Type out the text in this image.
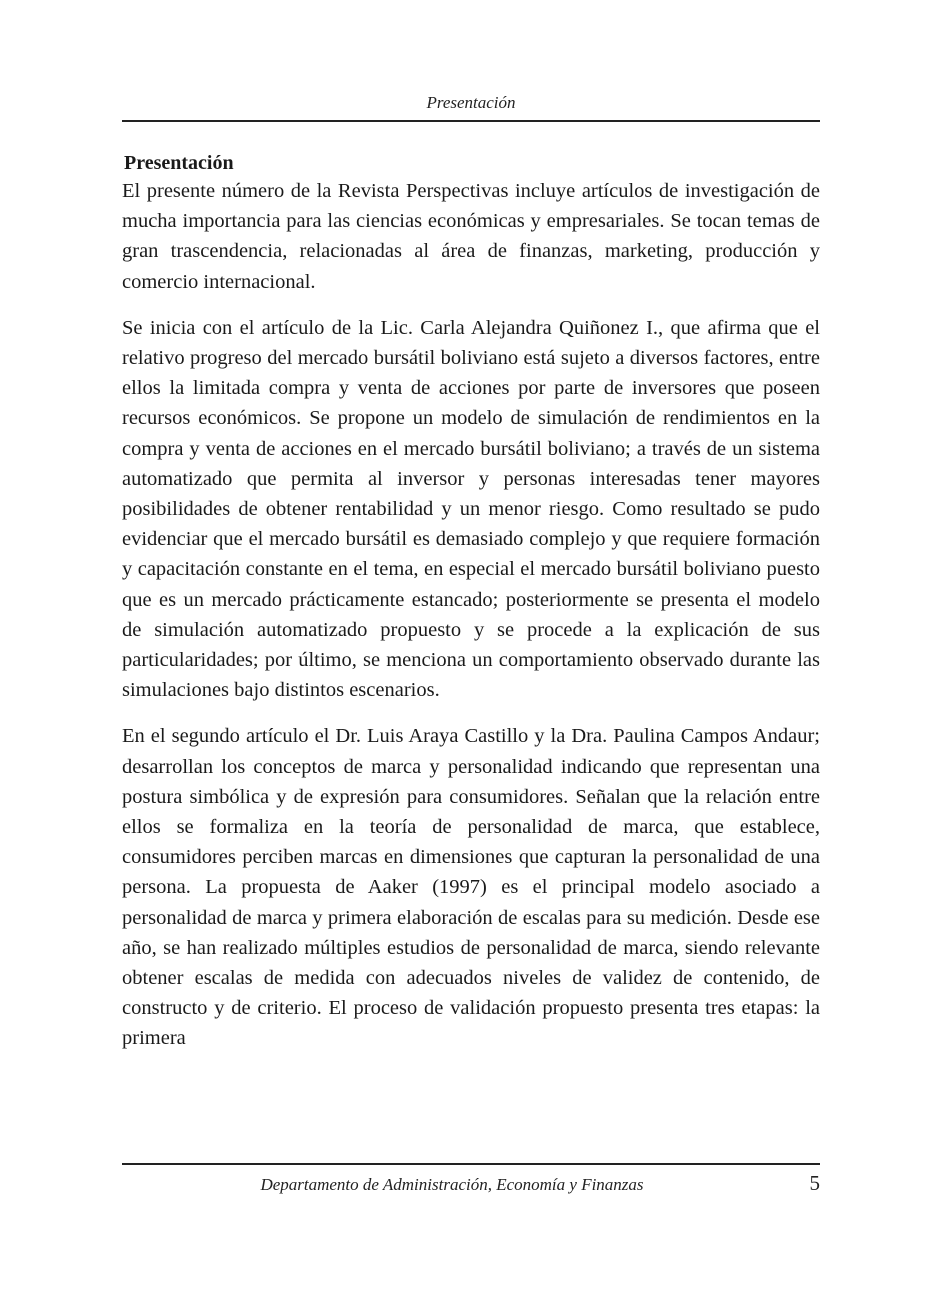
Presentación
Presentación

El presente número de la Revista Perspectivas incluye artículos de investigación de mucha importancia para las ciencias económicas y empresariales. Se tocan temas de gran trascendencia, relacionadas al área de finanzas, marketing, producción y comercio internacional.

Se inicia con el artículo de la Lic. Carla Alejandra Quiñonez I., que afirma que el relativo progreso del mercado bursátil boliviano está sujeto a diversos factores, entre ellos la limitada compra y venta de acciones por parte de inversores que poseen recursos económicos. Se propone un modelo de simulación de rendimientos en la compra y venta de acciones en el mercado bursátil boliviano; a través de un sistema automatizado que permita al inversor y personas interesadas tener mayores posibilidades de obtener rentabilidad y un menor riesgo. Como resultado se pudo evidenciar que el mercado bursátil es demasiado complejo y que requiere formación y capacitación constante en el tema, en especial el mercado bursátil boliviano puesto que es un mercado prácticamente estancado; posteriormente se presenta el modelo de simulación automatizado propuesto y se procede a la explicación de sus particularidades; por último, se menciona un comportamiento observado durante las simulaciones bajo distintos escenarios.

En el segundo artículo el Dr. Luis Araya Castillo y la Dra. Paulina Campos Andaur; desarrollan los conceptos de marca y personalidad indicando que representan una postura simbólica y de expresión para consumidores. Señalan que la relación entre ellos se formaliza en la teoría de personalidad de marca, que establece, consumidores perciben marcas en dimensiones que capturan la personalidad de una persona. La propuesta de Aaker (1997) es el principal modelo asociado a personalidad de marca y primera elaboración de escalas para su medición. Desde ese año, se han realizado múltiples estudios de personalidad de marca, siendo relevante obtener escalas de medida con adecuados niveles de validez de contenido, de constructo y de criterio. El proceso de validación propuesto presenta tres etapas: la primera

Departamento de Administración, Economía y Finanzas	5
